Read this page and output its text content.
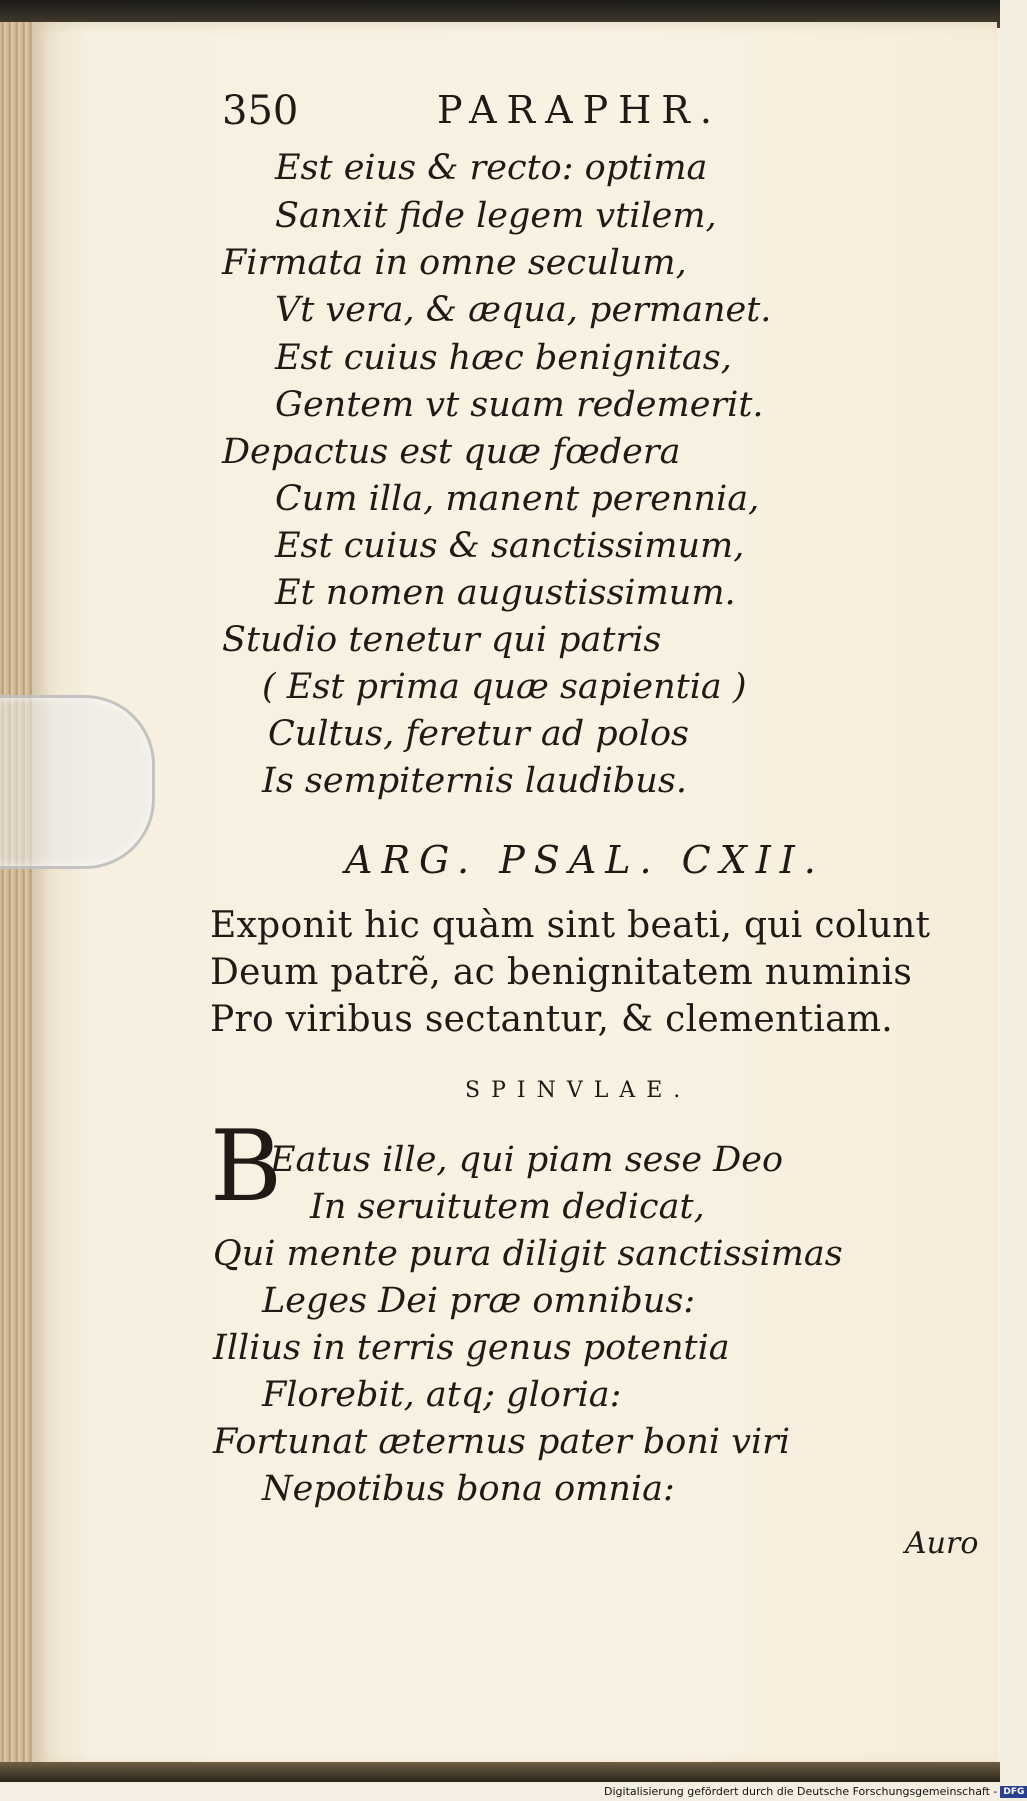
350	PARAPHR.
Est eius & recto: optima
Sanxit fide legem vtilem,
Firmata in omne seculum,
Vt vera, & æqua, permanet.
Est cuius hæc benignitas,
Gentem vt suam redemerit.
Depactus est quæ fœdera
Cum illa, manent perennia,
Est cuius & sanctissimum,
Et nomen augustissimum.
Studio tenetur qui patris
( Est prima quæ sapientia )
Cultus, feretur ad polos
Is sempiternis laudibus.
ARG. PSAL. CXII.
Exponit hic quàm sint beati, qui colunt
Deum patrẽ, ac benignitatem numinis
Pro viribus sectantur, & clementiam.
SPINVLAE.
B
Eatus ille, qui piam sese Deo
In seruitutem dedicat,
Qui mente pura diligit sanctissimas
Leges Dei præ omnibus:
Illius in terris genus potentia
Florebit, atq; gloria:
Fortunat æternus pater boni viri
Nepotibus bona omnia:
Auro
Digitalisierung gefördert durch die Deutsche Forschungsgemeinschaft - DFG
